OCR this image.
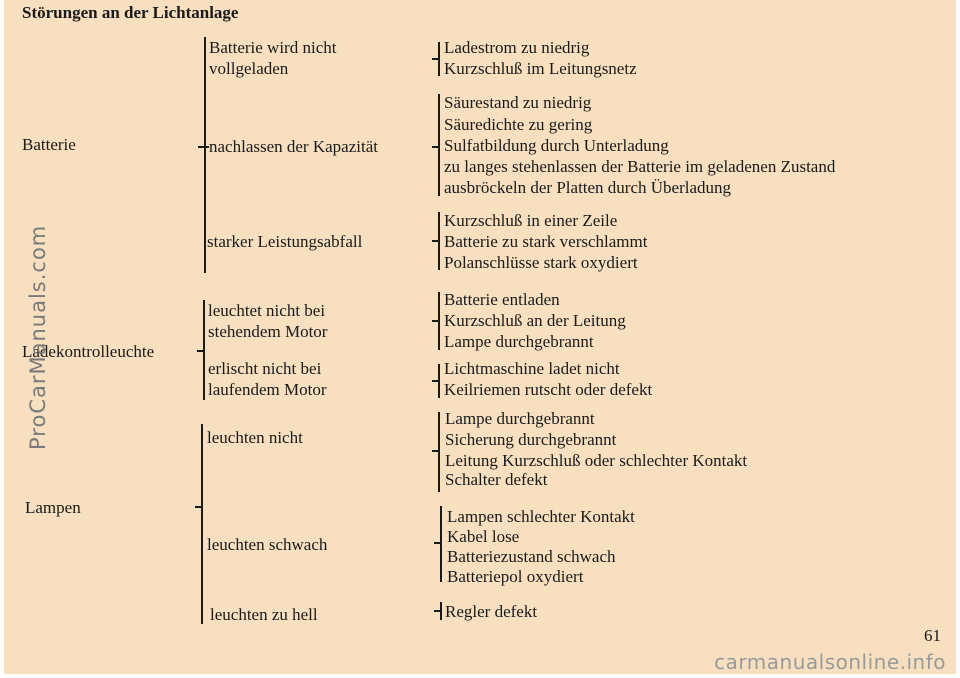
Störungen an der Lichtanlage
Batterie
Ladekontrolleuchte
Lampen
Batterie wird nicht
vollgeladen
nachlassen der Kapazität
starker Leistungsabfall
Ladestrom zu niedrig
Kurzschluß im Leitungsnetz
Säurestand zu niedrig
Säuredichte zu gering
Sulfatbildung durch Unterladung
zu langes stehenlassen der Batterie im geladenen Zustand
ausbröckeln der Platten durch Überladung
Kurzschluß in einer Zeile
Batterie zu stark verschlammt
Polanschlüsse stark oxydiert
leuchtet nicht bei
stehendem Motor
erlischt nicht bei
laufendem Motor
Batterie entladen
Kurzschluß an der Leitung
Lampe durchgebrannt
Lichtmaschine ladet nicht
Keilriemen rutscht oder defekt
leuchten nicht
leuchten schwach
leuchten zu hell
Lampe durchgebrannt
Sicherung durchgebrannt
Leitung Kurzschluß oder schlechter Kontakt
Schalter defekt
Lampen schlechter Kontakt
Kabel lose
Batteriezustand schwach
Batteriepol oxydiert
Regler defekt
61
ProCarManuals.com
carmanualsonline.info
